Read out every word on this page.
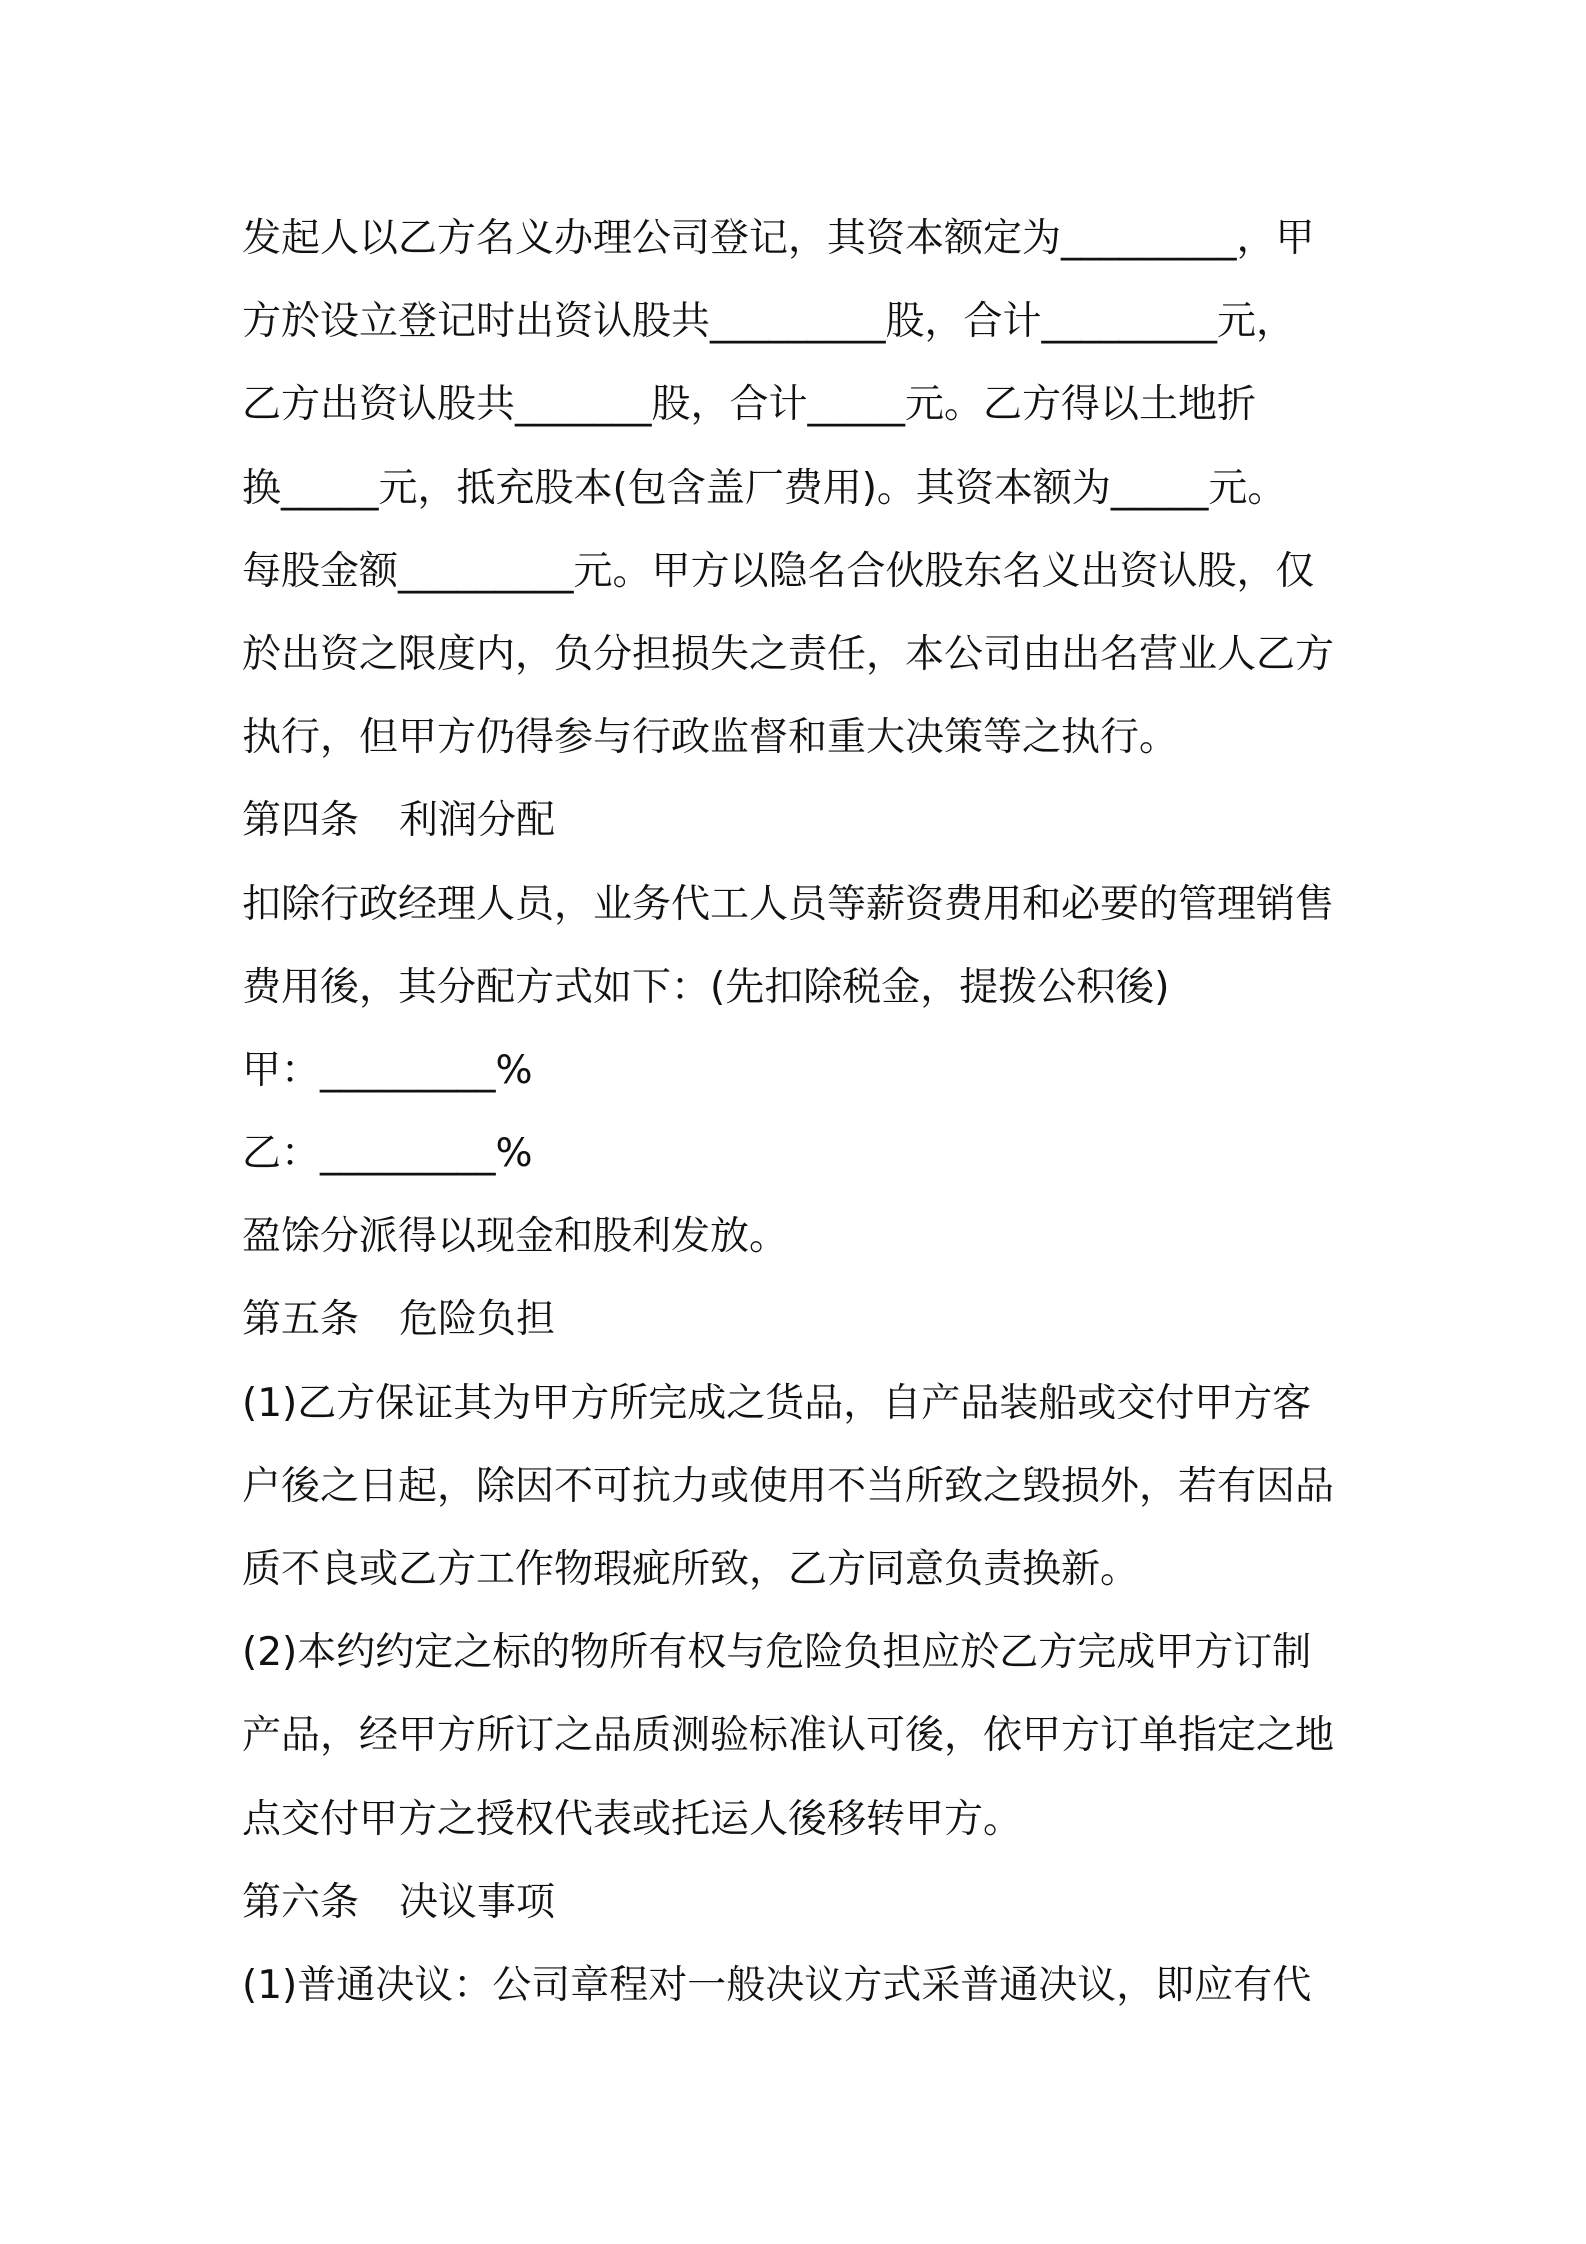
发起人以乙方名义办理公司登记，其资本额定为_________，甲
方於设立登记时出资认股共_________股，合计_________元，
乙方出资认股共_______股，合计_____元。乙方得以土地折
换_____元，抵充股本(包含盖厂费用)。其资本额为_____元。
每股金额_________元。甲方以隐名合伙股东名义出资认股，仅
於出资之限度内，负分担损失之责任，本公司由出名营业人乙方
执行，但甲方仍得参与行政监督和重大决策等之执行。
第四条 利润分配
扣除行政经理人员，业务代工人员等薪资费用和必要的管理销售
费用後，其分配方式如下：(先扣除税金，提拨公积後)
甲：_________%
乙：_________%
盈馀分派得以现金和股利发放。
第五条 危险负担
(1)乙方保证其为甲方所完成之货品，自产品装船或交付甲方客
户後之日起，除因不可抗力或使用不当所致之毁损外，若有因品
质不良或乙方工作物瑕疵所致，乙方同意负责换新。
(2)本约约定之标的物所有权与危险负担应於乙方完成甲方订制
产品，经甲方所订之品质测验标准认可後，依甲方订单指定之地
点交付甲方之授权代表或托运人後移转甲方。
第六条 决议事项
(1)普通决议：公司章程对一般决议方式采普通决议，即应有代
